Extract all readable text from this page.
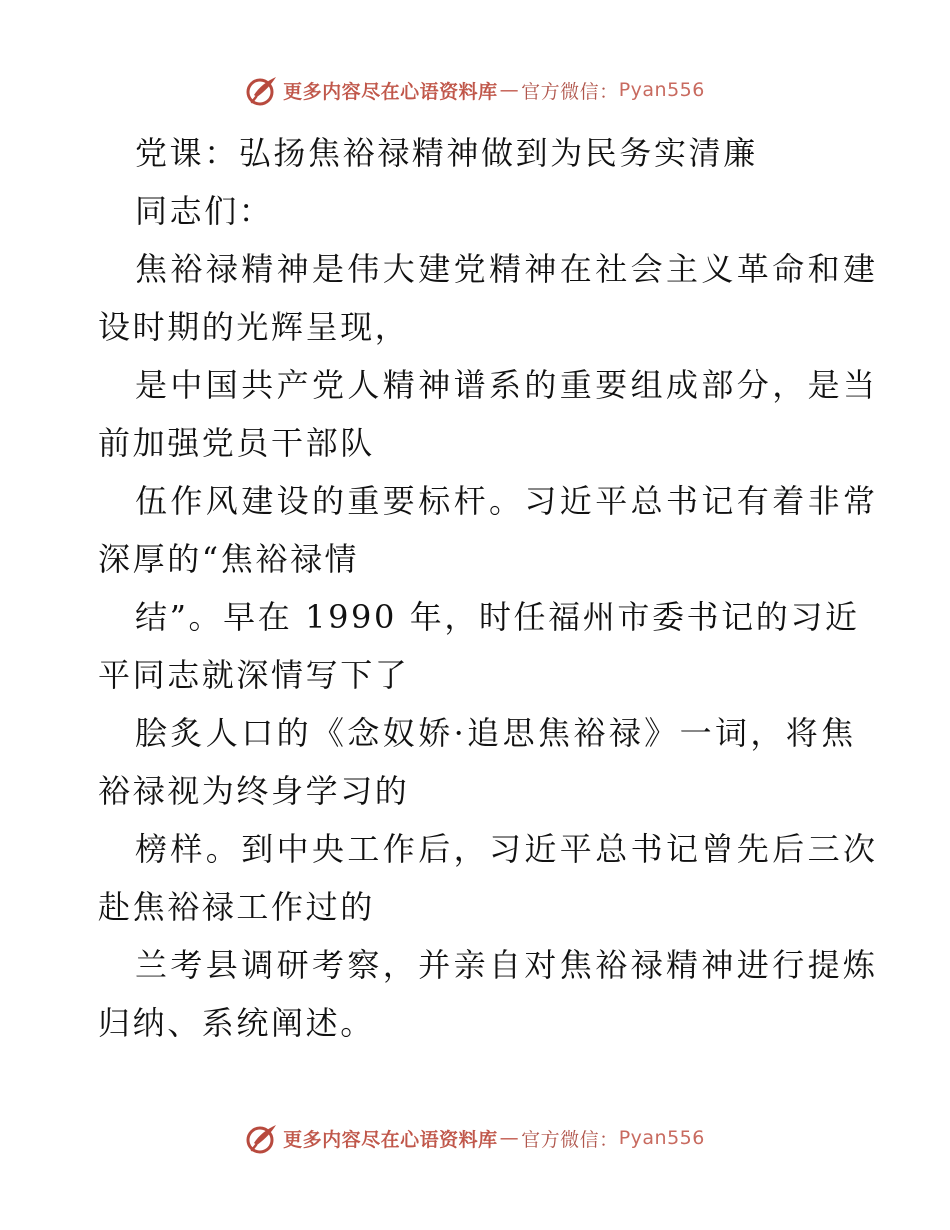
更多内容尽在心语资料库 — 官方微信： Pyan556
党课：弘扬焦裕禄精神做到为民务实清廉
同志们：
焦裕禄精神是伟大建党精神在社会主义革命和建
设时期的光辉呈现，
是中国共产党人精神谱系的重要组成部分，是当
前加强党员干部队
伍作风建设的重要标杆。习近平总书记有着非常
深厚的“焦裕禄情
结”。早在 1990 年，时任福州市委书记的习近
平同志就深情写下了
脍炙人口的《念奴娇·追思焦裕禄》一词，将焦
裕禄视为终身学习的
榜样。到中央工作后，习近平总书记曾先后三次
赴焦裕禄工作过的
兰考县调研考察，并亲自对焦裕禄精神进行提炼
归纳、系统阐述。
更多内容尽在心语资料库 — 官方微信： Pyan556
